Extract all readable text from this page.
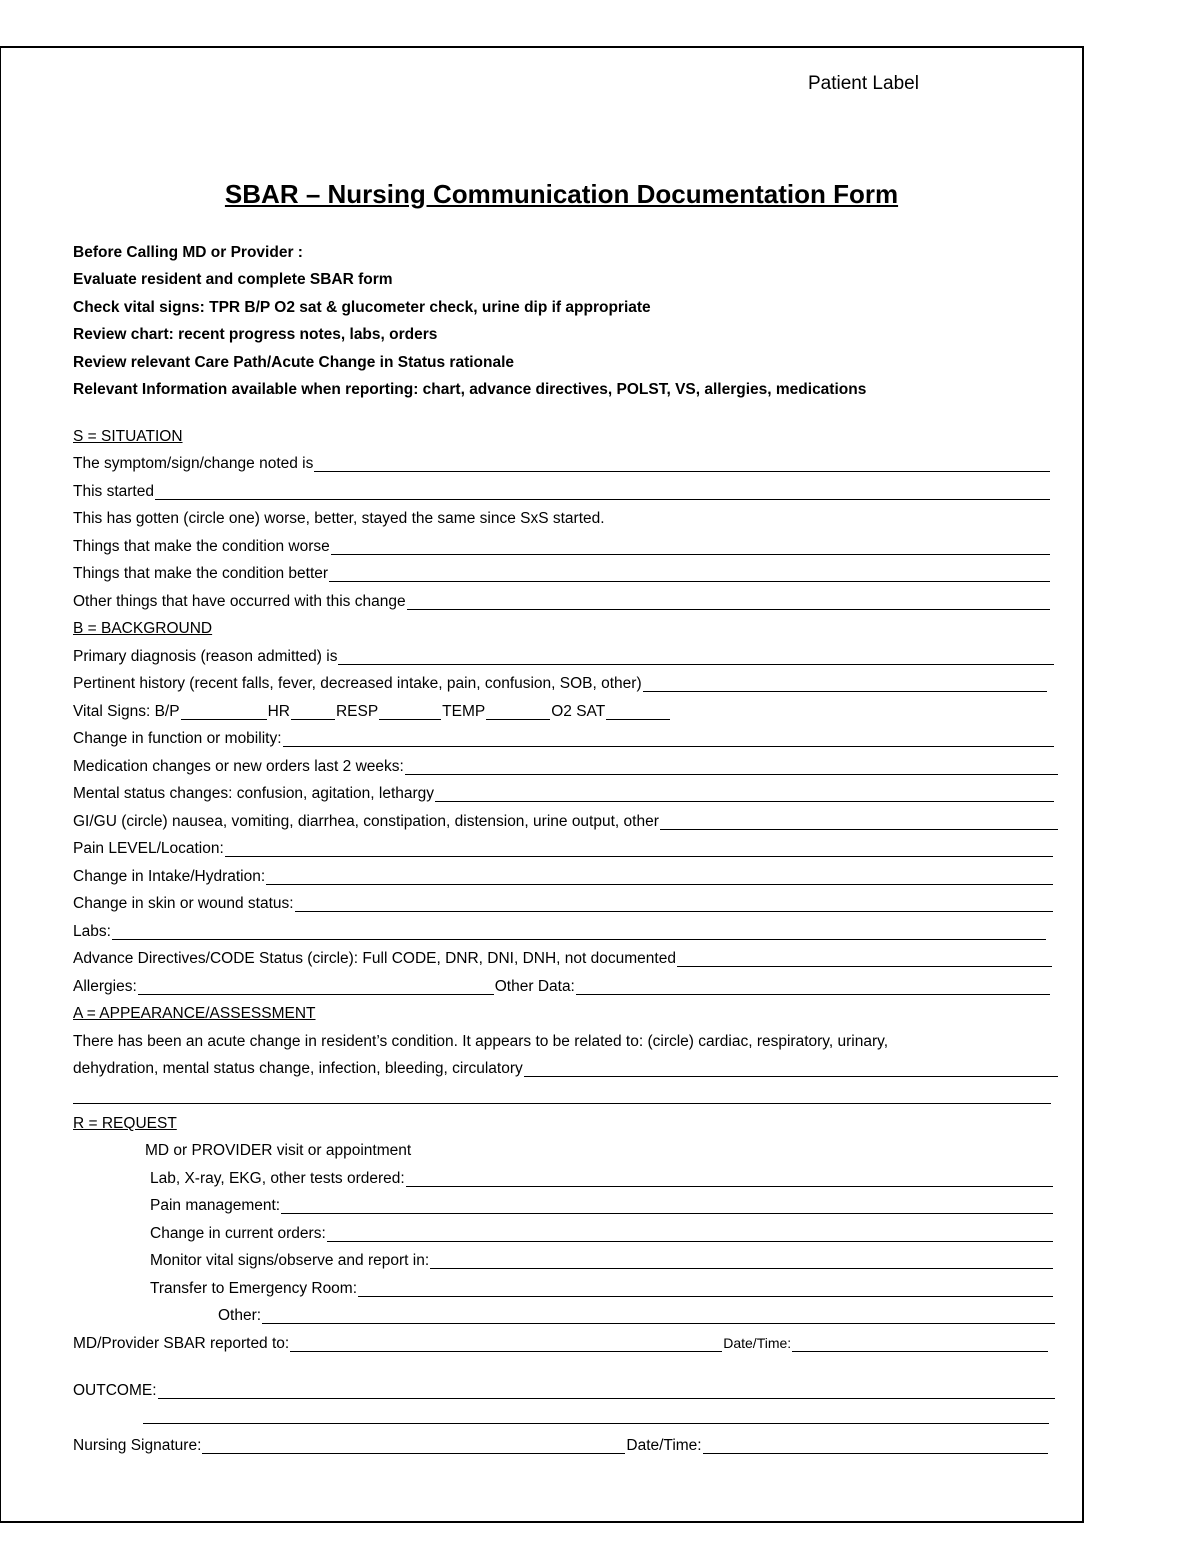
Patient Label
SBAR – Nursing Communication Documentation Form
Before Calling MD or Provider :
Evaluate resident and complete SBAR form
Check vital signs: TPR B/P O2 sat & glucometer check, urine dip if appropriate
Review chart: recent progress notes, labs, orders
Review relevant Care Path/Acute Change in Status rationale
Relevant Information available when reporting: chart, advance directives, POLST, VS, allergies, medications
S = SITUATION
The symptom/sign/change noted is
This started
This has gotten (circle one) worse, better, stayed the same since SxS started.
Things that make the condition worse
Things that make the condition better
Other things that have occurred with this change
B = BACKGROUND
Primary diagnosis (reason admitted) is
Pertinent history (recent falls, fever, decreased intake, pain, confusion, SOB, other)
Vital Signs: B/P	HR	RESP	TEMP	O2 SAT
Change in function or mobility:
Medication changes or new orders last 2 weeks:
Mental status changes: confusion, agitation, lethargy
GI/GU (circle) nausea, vomiting, diarrhea, constipation, distension, urine output, other
Pain LEVEL/Location:
Change in Intake/Hydration:
Change in skin or wound status:
Labs:
Advance Directives/CODE Status (circle): Full CODE, DNR, DNI, DNH, not documented
Allergies:	Other Data:
A = APPEARANCE/ASSESSMENT
There has been an acute change in resident’s condition. It appears to be related to: (circle) cardiac, respiratory, urinary,
dehydration, mental status change, infection, bleeding, circulatory
R = REQUEST
MD or PROVIDER visit or appointment
Lab, X-ray, EKG, other tests ordered:
Pain management:
Change in current orders:
Monitor vital signs/observe and report in:
Transfer to Emergency Room:
Other:
MD/Provider SBAR reported to:	Date/Time:
OUTCOME:
Nursing Signature:	Date/Time:
